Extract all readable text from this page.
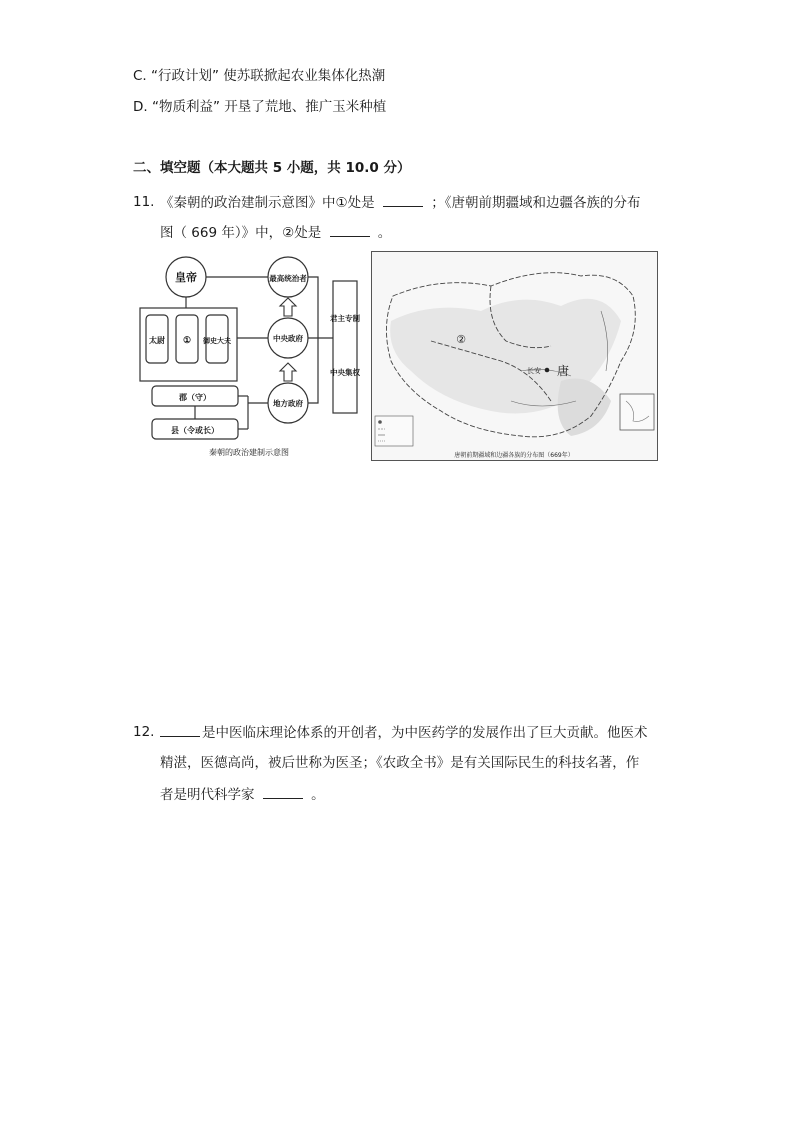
C. “行政计划” 使苏联掀起农业集体化热潮
D. “物质利益” 开垦了荒地、推广玉米种植
二、填空题（本大题共 5 小题，共 10.0 分）
11. 《秦朝的政治建制示意图》中①处是	；《唐朝前期疆域和边疆各族的分布
图（ 669 年）》中，②处是	。
皇帝	最高统治者
中央政府
地方政府
太尉 ① 御史大夫
郡（守）
县（令或长）
君主专制
中央集权
秦朝的政治建制示意图
②
长安 唐
唐朝前期疆域和边疆各族的分布图（669年）
12.	是中医临床理论体系的开创者，为中医药学的发展作出了巨大贡献。他医术
精湛，医德高尚，被后世称为医圣；《农政全书》是有关国际民生的科技名著，作
者是明代科学家	。
